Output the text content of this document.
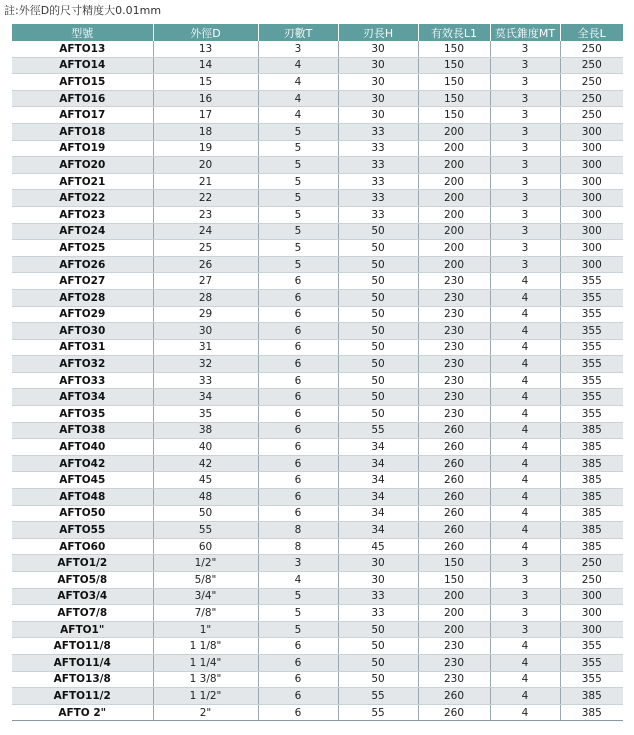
註:外徑D的尺寸精度大0.01mm
型號	外徑D	刃數T	刃長H	有效長L1	莫氏錐度MT	全長L
AFTO13	13	3	30	150	3	250
AFTO14	14	4	30	150	3	250
AFTO15	15	4	30	150	3	250
AFTO16	16	4	30	150	3	250
AFTO17	17	4	30	150	3	250
AFTO18	18	5	33	200	3	300
AFTO19	19	5	33	200	3	300
AFTO20	20	5	33	200	3	300
AFTO21	21	5	33	200	3	300
AFTO22	22	5	33	200	3	300
AFTO23	23	5	33	200	3	300
AFTO24	24	5	50	200	3	300
AFTO25	25	5	50	200	3	300
AFTO26	26	5	50	200	3	300
AFTO27	27	6	50	230	4	355
AFTO28	28	6	50	230	4	355
AFTO29	29	6	50	230	4	355
AFTO30	30	6	50	230	4	355
AFTO31	31	6	50	230	4	355
AFTO32	32	6	50	230	4	355
AFTO33	33	6	50	230	4	355
AFTO34	34	6	50	230	4	355
AFTO35	35	6	50	230	4	355
AFTO38	38	6	55	260	4	385
AFTO40	40	6	34	260	4	385
AFTO42	42	6	34	260	4	385
AFTO45	45	6	34	260	4	385
AFTO48	48	6	34	260	4	385
AFTO50	50	6	34	260	4	385
AFTO55	55	8	34	260	4	385
AFTO60	60	8	45	260	4	385
AFTO1/2	1/2"	3	30	150	3	250
AFTO5/8	5/8"	4	30	150	3	250
AFTO3/4	3/4"	5	33	200	3	300
AFTO7/8	7/8"	5	33	200	3	300
AFTO1"	1"	5	50	200	3	300
AFTO11/8	1 1/8"	6	50	230	4	355
AFTO11/4	1 1/4"	6	50	230	4	355
AFTO13/8	1 3/8"	6	50	230	4	355
AFTO11/2	1 1/2"	6	55	260	4	385
AFTO 2"	2"	6	55	260	4	385
